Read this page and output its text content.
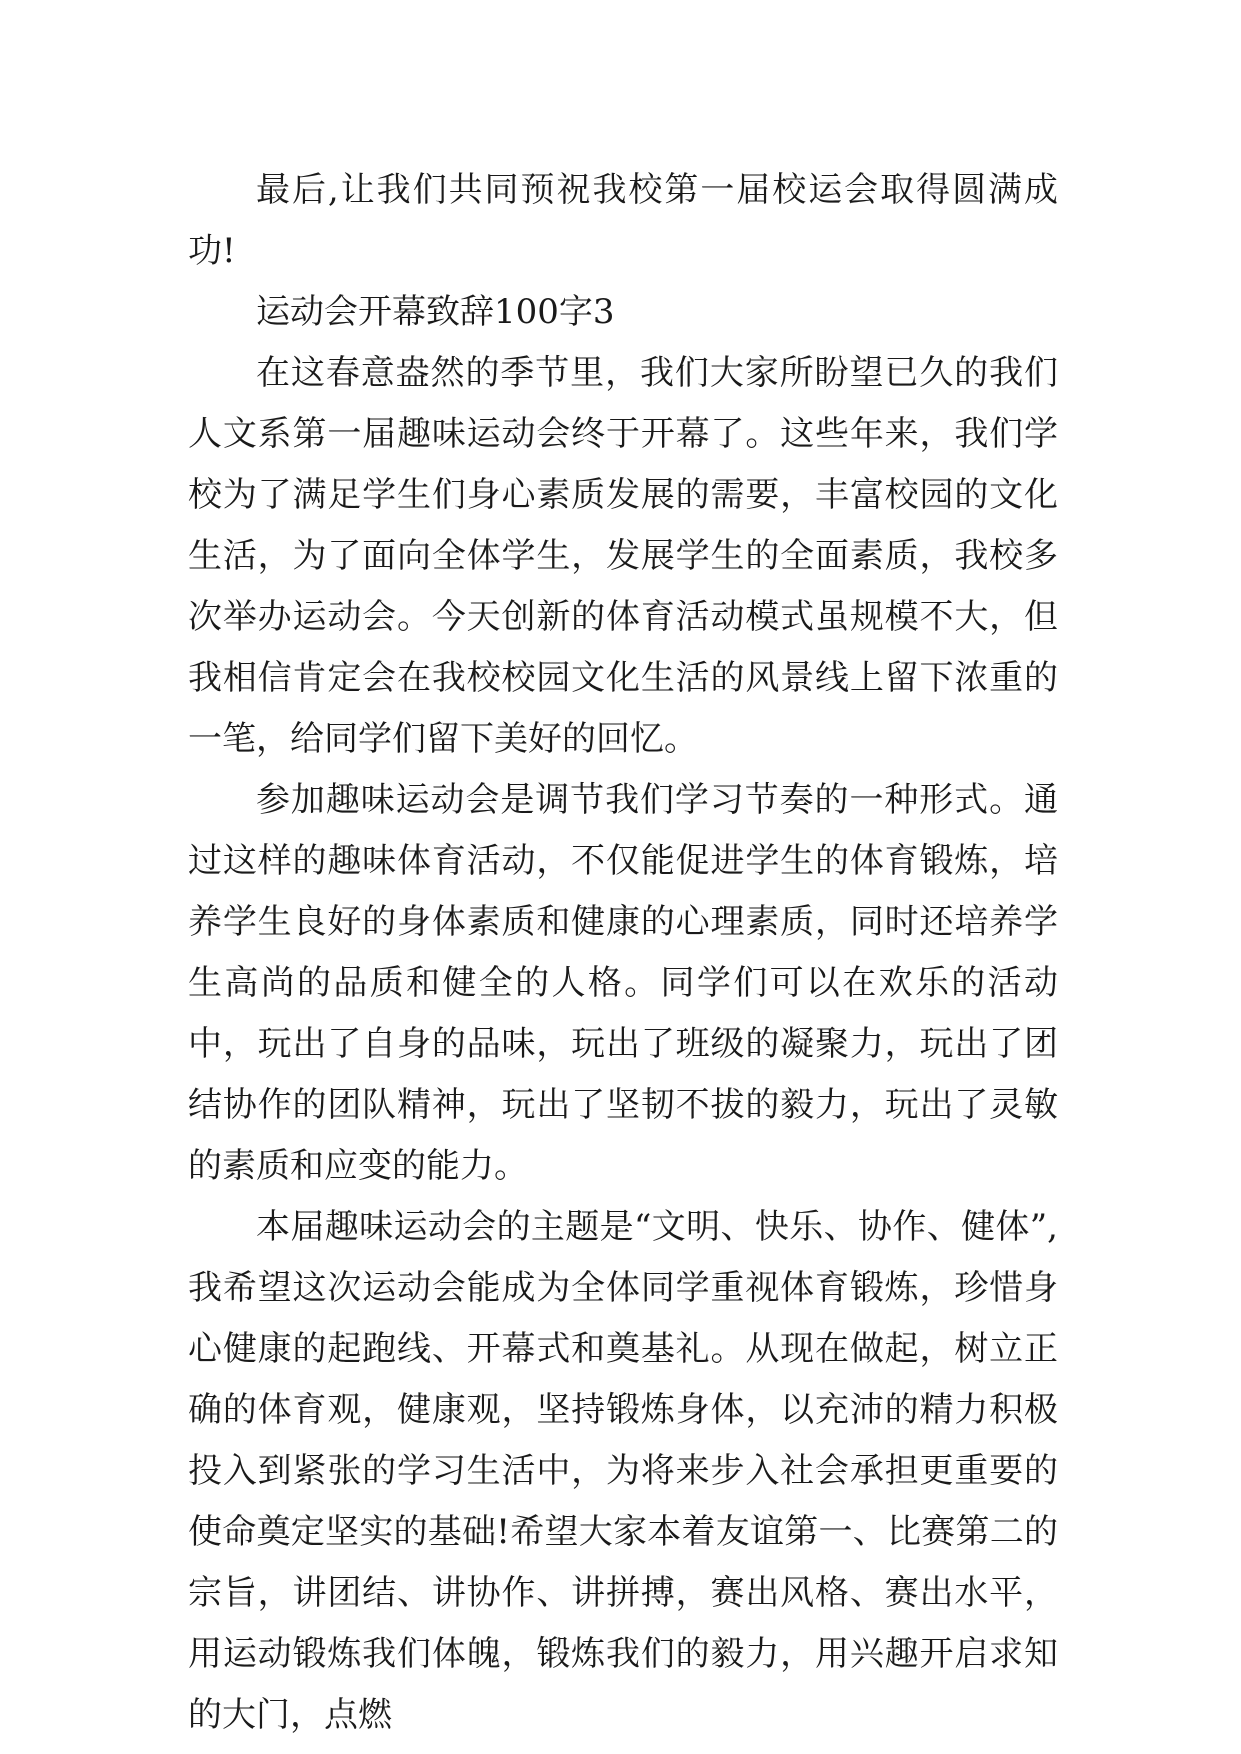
最后,让我们共同预祝我校第一届校运会取得圆满成功!

运动会开幕致辞100字3

在这春意盎然的季节里，我们大家所盼望已久的我们人文系第一届趣味运动会终于开幕了。这些年来，我们学校为了满足学生们身心素质发展的需要，丰富校园的文化生活，为了面向全体学生，发展学生的全面素质，我校多次举办运动会。今天创新的体育活动模式虽规模不大，但我相信肯定会在我校校园文化生活的风景线上留下浓重的一笔，给同学们留下美好的回忆。

参加趣味运动会是调节我们学习节奏的一种形式。通过这样的趣味体育活动，不仅能促进学生的体育锻炼，培养学生良好的身体素质和健康的心理素质，同时还培养学生高尚的品质和健全的人格。同学们可以在欢乐的活动中，玩出了自身的品味，玩出了班级的凝聚力，玩出了团结协作的团队精神，玩出了坚韧不拔的毅力，玩出了灵敏的素质和应变的能力。

本届趣味运动会的主题是“文明、快乐、协作、健体”,我希望这次运动会能成为全体同学重视体育锻炼，珍惜身心健康的起跑线、开幕式和奠基礼。从现在做起，树立正确的体育观，健康观，坚持锻炼身体，以充沛的精力积极投入到紧张的学习生活中，为将来步入社会承担更重要的使命奠定坚实的基础!希望大家本着友谊第一、比赛第二的宗旨，讲团结、讲协作、讲拼搏，赛出风格、赛出水平，用运动锻炼我们体魄，锻炼我们的毅力，用兴趣开启求知的大门，点燃
